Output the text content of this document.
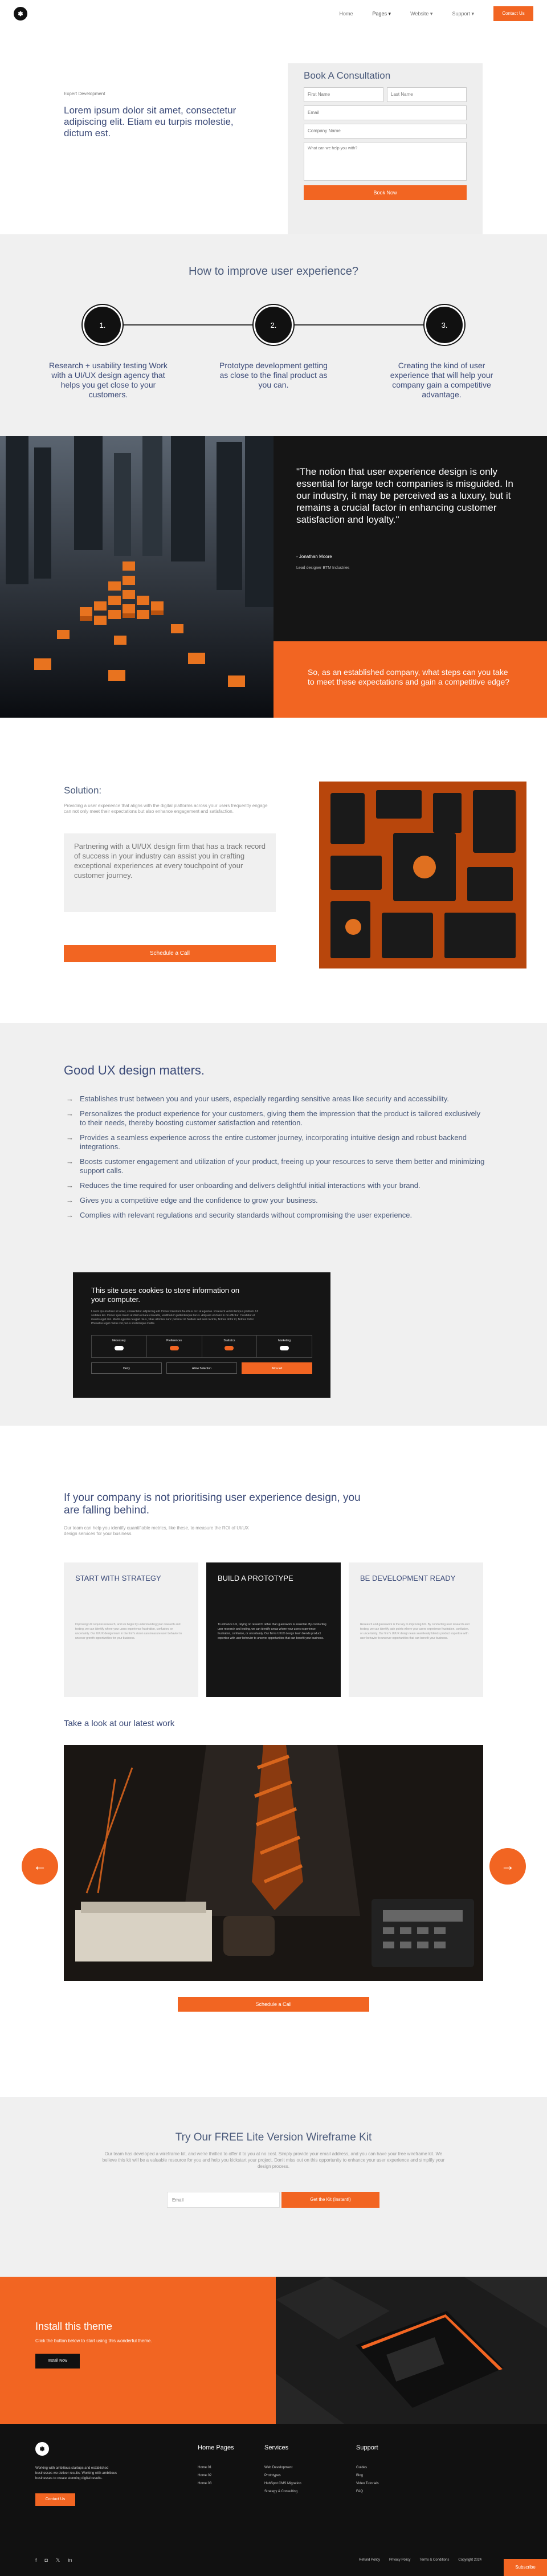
✽	Home	Pages ▾	Website ▾	Support ▾	Contact Us
Expert Development
Lorem ipsum dolor sit amet, consectetur adipiscing elit. Etiam eu turpis molestie, dictum est.
Book A Consultation
First Name	Last Name
Email
Company Name
What can we help you with?
Book Now
How to improve user experience?
1.	2.	3.
Research + usability testing Work with a UI/UX design agency that helps you get close to your customers.
Prototype development getting as close to the final product as you can.
Creating the kind of user experience that will help your company gain a competitive advantage.

"The notion that user experience design is only essential for large tech companies is misguided. In our industry, it may be perceived as a luxury, but it remains a crucial factor in enhancing customer satisfaction and loyalty."

- Jonathan Moore
Lead designer BTM Industries
So, as an established company, what steps can you take to meet these expectations and gain a competitive edge?
Solution:
Providing a user experience that aligns with the digital platforms across your users frequently engage can not only meet their expectations but also enhance engagement and satisfaction.
Partnering with a UI/UX design firm that has a track record of success in your industry can assist you in crafting exceptional experiences at every touchpoint of your customer journey.
Schedule a Call
Good UX design matters.
→ Establishes trust between you and your users, especially regarding sensitive areas like security and accessibility.
→ Personalizes the product experience for your customers, giving them the impression that the product is tailored exclusively to their needs, thereby boosting customer satisfaction and retention.
→ Provides a seamless experience across the entire customer journey, incorporating intuitive design and robust backend integrations.
→ Boosts customer engagement and utilization of your product, freeing up your resources to serve them better and minimizing support calls.
→ Reduces the time required for user onboarding and delivers delightful initial interactions with your brand.
→ Gives you a competitive edge and the confidence to grow your business.
→ Complies with relevant regulations and security standards without compromising the user experience.
This site uses cookies to store information on your computer.
Lorem ipsum dolor sit amet, consectetur adipiscing elit. Donec interdum faucibus orci at egestas. Praesent vel mi tempus pretium. Ut sodales leo. Donec quis lorem at diam ornare convallis, vestibulum pellentesque lacus. Aliquam et dolor in mi efficitur. Curabitur et mauris eget nisl. Morbi egestas feugiat risus, vitae ultricies nunc pulvinar id. Nullam sed sem lacinia, finibus dolor id, finibus tortor. Phasellus eget metus vel purus scelerisque mattis.
Necessary	Preferences	Statistics	Marketing
Deny	Allow Selection	Allow All
If your company is not prioritising user experience design, you are falling behind.
Our team can help you identify quantifiable metrics, like these, to measure the ROI of UI/UX design services for your business.
START WITH STRATEGY

Improving UX requires research, and we begin by understanding your research and testing, we can identify where your users experience frustration, confusion, or uncertainty. Our UI/UX design team in the firm's vision can measure user behavior to uncover growth opportunities for your business.

BUILD A PROTOTYPE

To enhance UX, relying on research rather than guesswork is essential. By conducting user research and testing, we can identify areas where your users experience frustration, confusion, or uncertainty. Our firm's UI/UX design team blends product expertise with user behavior to uncover opportunities that can benefit your business.

BE DEVELOPMENT READY

Research and guesswork is the key to improving UX. By conducting user research and testing, we can identify pain points where your users experience frustration, confusion, or uncertainty. Our firm's UI/UX design team seamlessly blends product expertise with user behavior to uncover opportunities that can benefit your business.

Take a look at our latest work
←	→
Schedule a Call
Try Our FREE Lite Version Wireframe Kit
Our team has developed a wireframe kit, and we're thrilled to offer it to you at no cost. Simply provide your email address, and you can have your free wireframe kit. We believe this kit will be a valuable resource for you and help you kickstart your project. Don't miss out on this opportunity to enhance your user experience and simplify your design process.
Email	Get the Kit (Instant!)
Install this theme
Click the button below to start using this wonderful theme.
Install Now
✽
Working with ambitious startups and established businesses we deliver results. Working with ambitious businesses to create stunning digital results.
Contact Us
Home Pages
Home 01
Home 02
Home 03
Services
Web Development
Prototypes
HubSpot CMS Migration
Strategy & Consulting
Support
Guides
Blog
Video Tutorials
FAQ
f ◘ 𝕏 in	Refund Policy	Privacy Policy	Terms & Conditions	Copyright 2024
Subscribe
